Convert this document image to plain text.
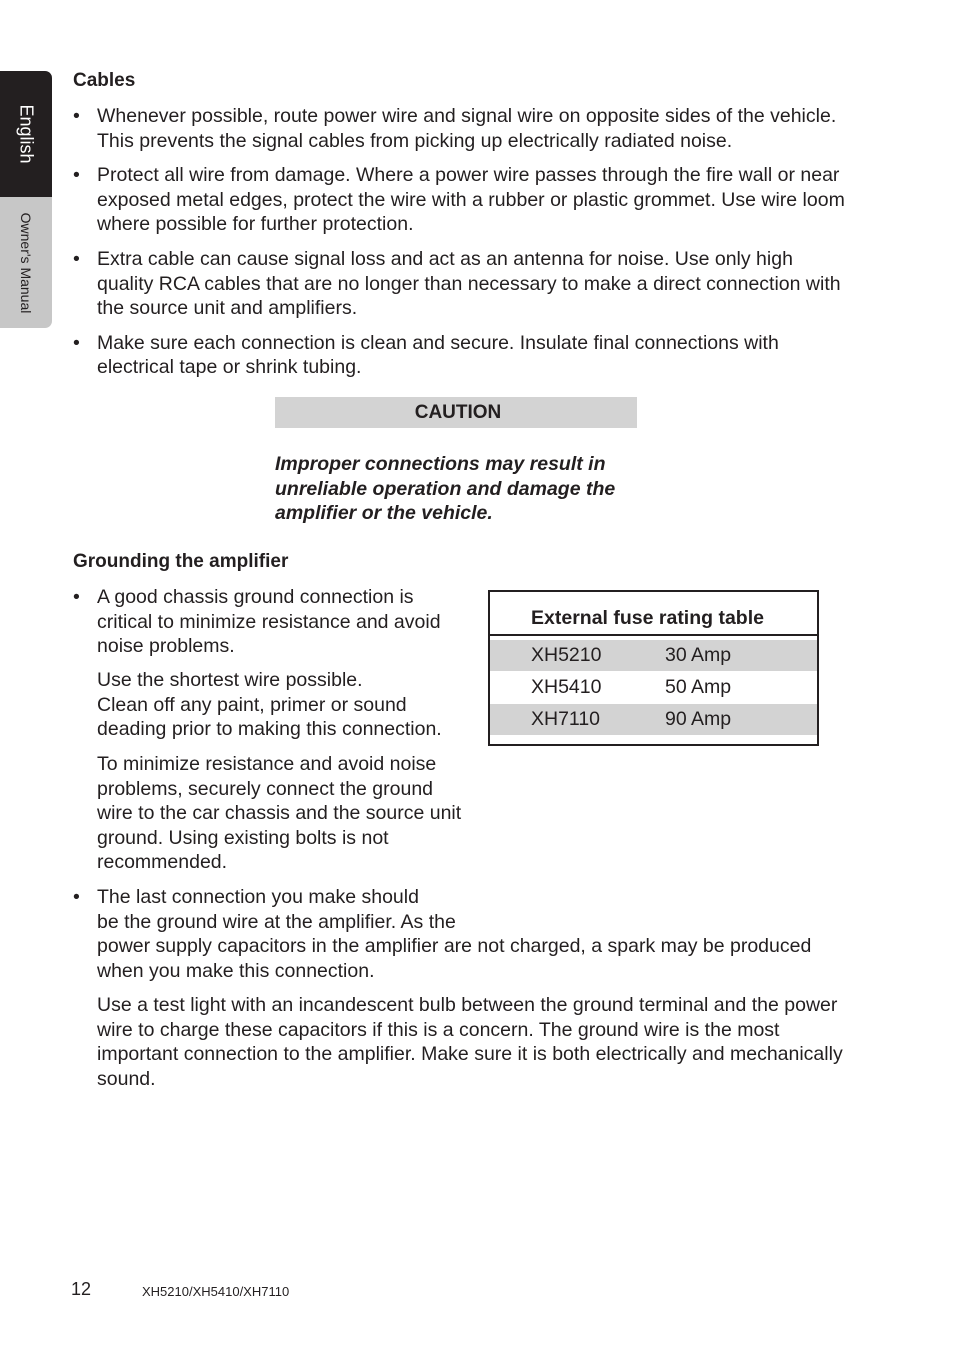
English
Owner's Manual
Cables
• Whenever possible, route power wire and signal wire on opposite sides of the vehicle. This prevents the signal cables from picking up electrically radiated noise.
• Protect all wire from damage. Where a power wire passes through the fire wall or near exposed metal edges, protect the wire with a rubber or plastic grommet. Use wire loom where possible for further protection.
• Extra cable can cause signal loss and act as an antenna for noise. Use only high quality RCA cables that are no longer than necessary to make a direct connection with the source unit and amplifiers.
• Make sure each connection is clean and secure. Insulate final connections with electrical tape or shrink tubing.
CAUTION

Improper connections may result in unreliable operation and damage the amplifier or the vehicle.

Grounding the amplifier
• A good chassis ground connection is critical to minimize resistance and avoid noise problems.

Use the shortest wire possible.
Clean off any paint, primer or sound deading prior to making this connection.

To minimize resistance and avoid noise problems, securely connect the ground wire to the car chassis and the source unit ground. Using existing bolts is not recommended.

• The last connection you make should
be the ground wire at the amplifier. As the
power supply capacitors in the amplifier are not charged, a spark may be produced when you make this connection.

Use a test light with an incandescent bulb between the ground terminal and the power wire to charge these capacitors if this is a concern. The ground wire is the most important connection to the amplifier. Make sure it is both electrically and mechanically sound.

External fuse rating table
XH5210	30 Amp
XH5410	50 Amp
XH7110	90 Amp
12	XH5210/XH5410/XH7110
